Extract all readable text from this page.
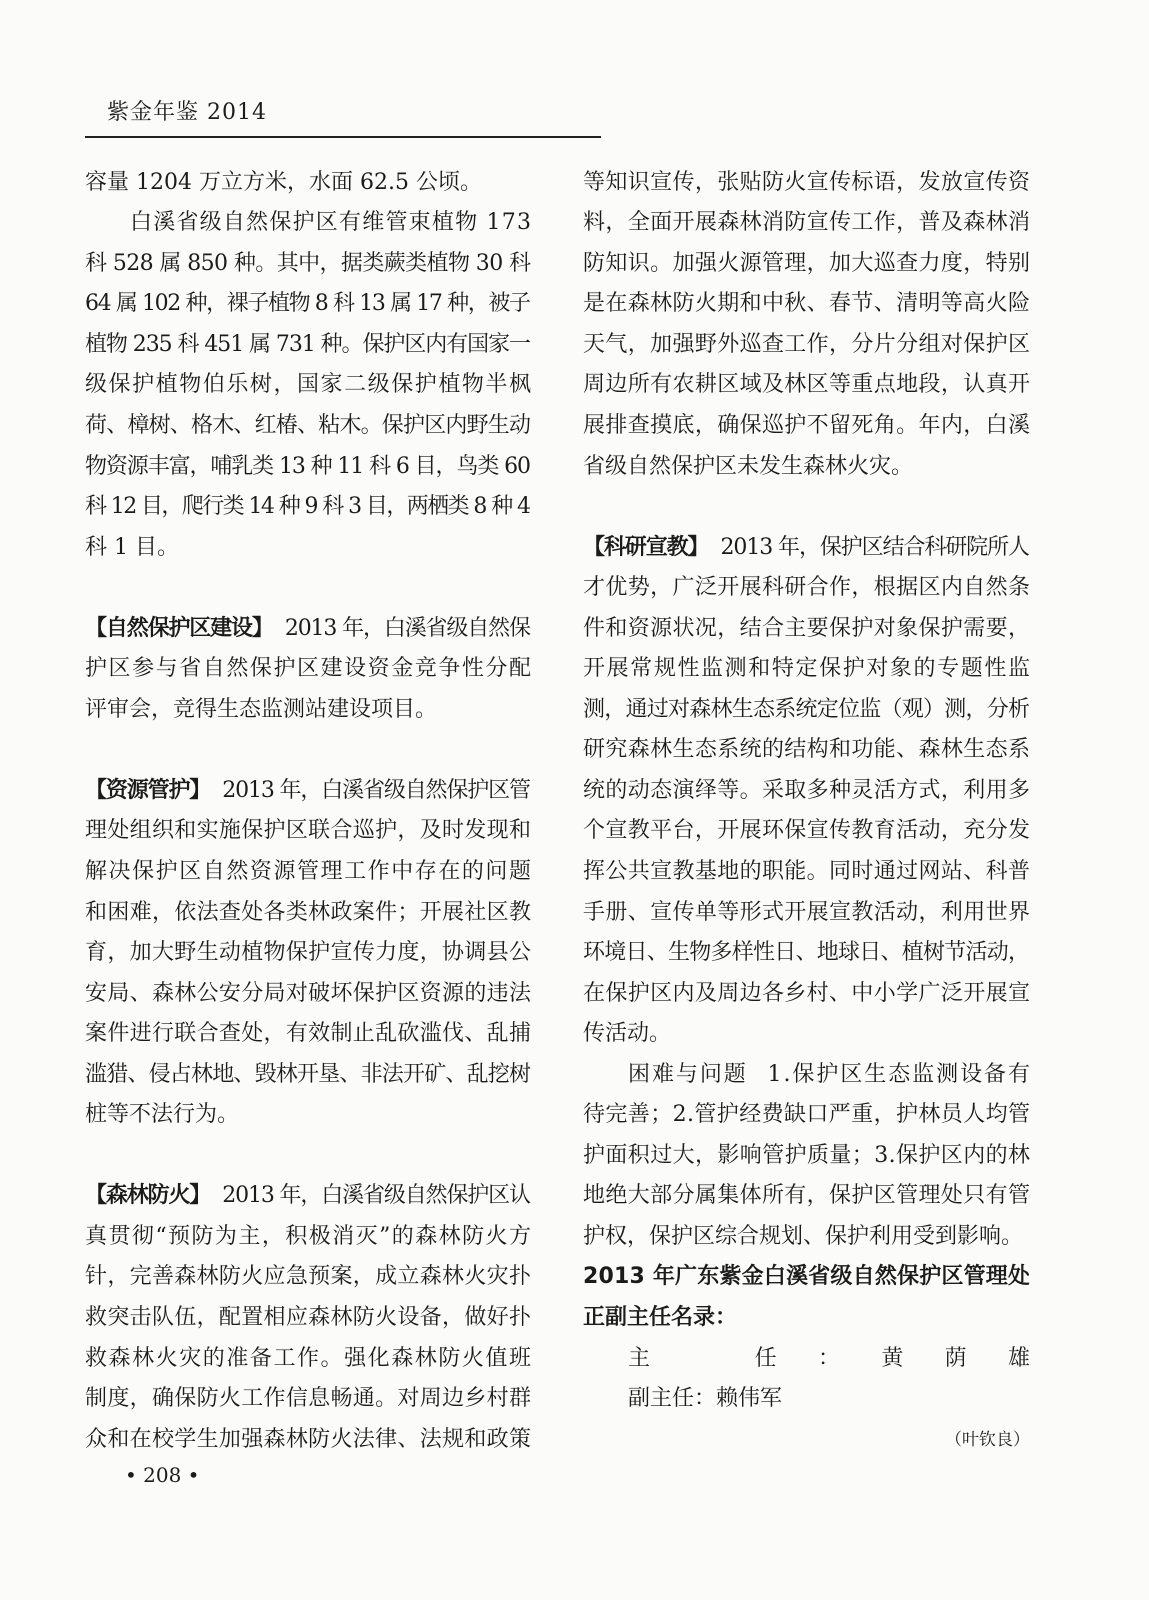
紫金年鉴 2014
容量 1204 万立方米，水面 62.5 公顷。
白溪省级自然保护区有维管束植物 173
科 528 属 850 种。其中，据类蕨类植物 30 科
64 属 102 种，裸子植物 8 科 13 属 17 种，被子
植物 235 科 451 属 731 种。保护区内有国家一
级保护植物伯乐树，国家二级保护植物半枫
荷、樟树、格木、红椿、粘木。保护区内野生动
物资源丰富，哺乳类 13 种 11 科 6 目，鸟类 60
科 12 目，爬行类 14 种 9 科 3 目，两栖类 8 种 4
科 1 目。
【自然保护区建设】 2013 年，白溪省级自然保
护区参与省自然保护区建设资金竞争性分配
评审会，竞得生态监测站建设项目。
【资源管护】 2013 年，白溪省级自然保护区管
理处组织和实施保护区联合巡护，及时发现和
解决保护区自然资源管理工作中存在的问题
和困难，依法查处各类林政案件；开展社区教
育，加大野生动植物保护宣传力度，协调县公
安局、森林公安分局对破坏保护区资源的违法
案件进行联合查处，有效制止乱砍滥伐、乱捕
滥猎、侵占林地、毁林开垦、非法开矿、乱挖树
桩等不法行为。
【森林防火】 2013 年，白溪省级自然保护区认
真贯彻“预防为主，积极消灭”的森林防火方
针，完善森林防火应急预案，成立森林火灾扑
救突击队伍，配置相应森林防火设备，做好扑
救森林火灾的准备工作。强化森林防火值班
制度，确保防火工作信息畅通。对周边乡村群
众和在校学生加强森林防火法律、法规和政策
等知识宣传，张贴防火宣传标语，发放宣传资
料，全面开展森林消防宣传工作，普及森林消
防知识。加强火源管理，加大巡查力度，特别
是在森林防火期和中秋、春节、清明等高火险
天气，加强野外巡查工作，分片分组对保护区
周边所有农耕区域及林区等重点地段，认真开
展排查摸底，确保巡护不留死角。年内，白溪
省级自然保护区未发生森林火灾。
【科研宣教】 2013 年，保护区结合科研院所人
才优势，广泛开展科研合作，根据区内自然条
件和资源状况，结合主要保护对象保护需要，
开展常规性监测和特定保护对象的专题性监
测，通过对森林生态系统定位监（观）测，分析
研究森林生态系统的结构和功能、森林生态系
统的动态演绎等。采取多种灵活方式，利用多
个宣教平台，开展环保宣传教育活动，充分发
挥公共宣教基地的职能。同时通过网站、科普
手册、宣传单等形式开展宣教活动，利用世界
环境日、生物多样性日、地球日、植树节活动，
在保护区内及周边各乡村、中小学广泛开展宣
传活动。
困难与问题 1.保护区生态监测设备有
待完善；2.管护经费缺口严重，护林员人均管
护面积过大，影响管护质量；3.保护区内的林
地绝大部分属集体所有，保护区管理处只有管
护权，保护区综合规划、保护利用受到影响。
2013 年广东紫金白溪省级自然保护区管理处
正副主任名录：
主　任：黄荫雄
副主任：赖伟军
（叶钦良）
• 208 •
